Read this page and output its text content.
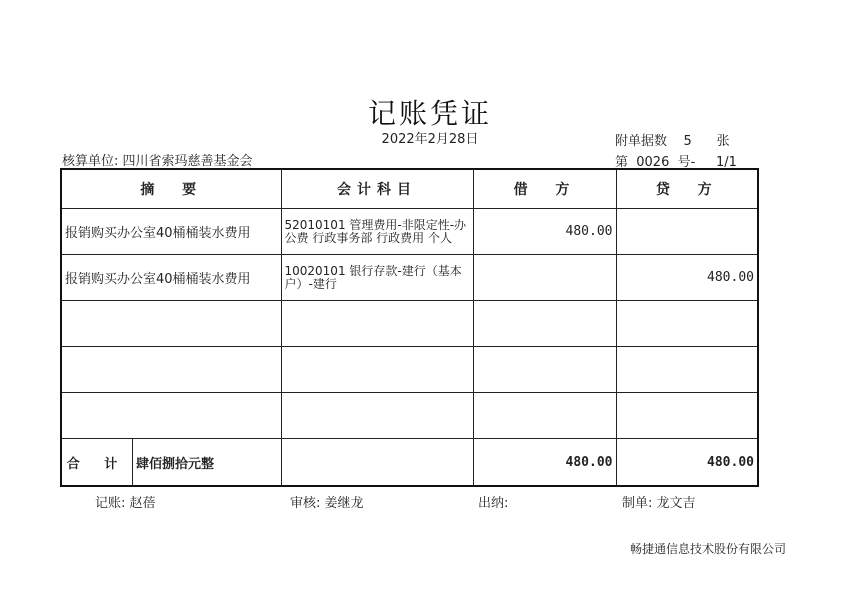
记账凭证
2022年2月28日
核算单位: 四川省索玛慈善基金会
附单据数    5      张
第  0026  号-     1/1
摘  要	会计科目	借  方	贷  方
报销购买办公室40桶桶装水费用	52010101 管理费用-非限定性-办公费 行政事务部 行政费用 个人	480.00	
报销购买办公室40桶桶装水费用	10020101 银行存款-建行（基本户）-建行		480.00

合 计 肆佰捌拾元整		480.00	480.00
记账: 赵蓓	审核: 姜继龙	出纳:	制单: 龙文吉
畅捷通信息技术股份有限公司
